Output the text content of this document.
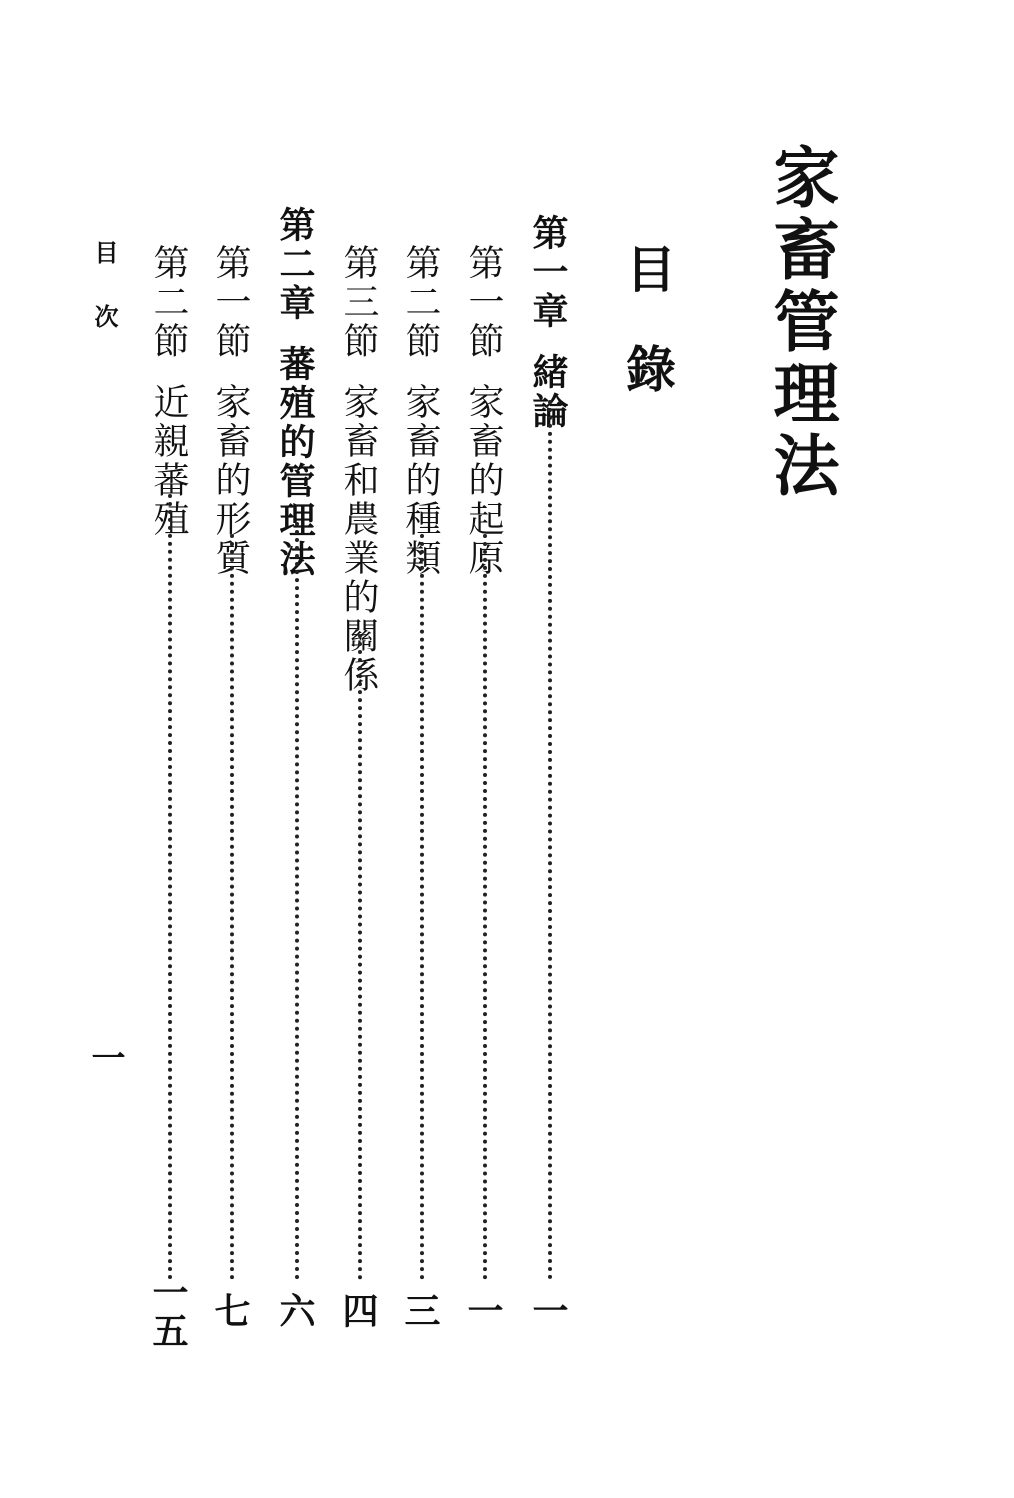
家畜管理法
目錄
第一章緒論
一
第一節家畜的起原
一
第二節家畜的種類
三
第三節家畜和農業的關係
四
第二章蕃殖的管理法
六
第一節家畜的形質
七
第二節近親蕃殖
一五
目次
一
